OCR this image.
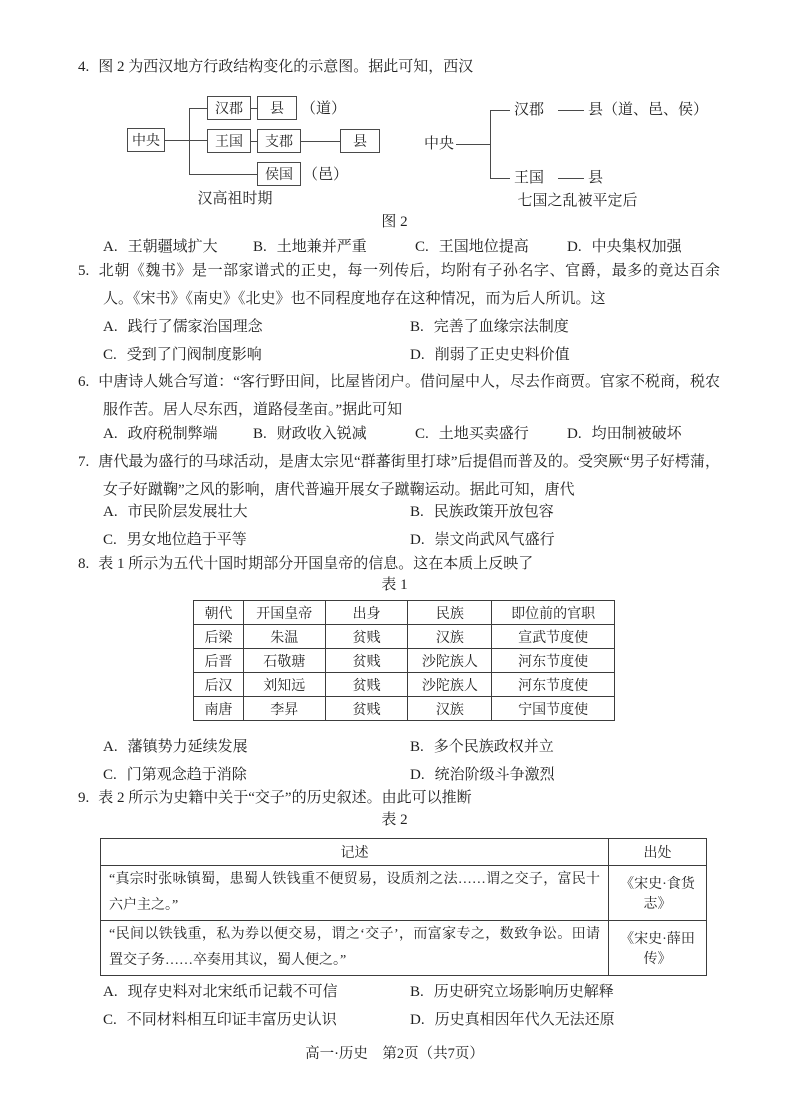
4. 图 2 为西汉地方行政结构变化的示意图。据此可知，西汉
中央
汉郡	县	（道）
王国	支郡	县
侯国 （邑）
汉高祖时期
中央
汉郡	县（道、邑、侯）
王国	县
七国之乱被平定后
图 2
A. 王朝疆域扩大	B. 土地兼并严重	C. 王国地位提高	D. 中央集权加强
5. 北朝《魏书》是一部家谱式的正史，每一列传后，均附有子孙名字、官爵，最多的竟达百余人。《宋书》《南史》《北史》也不同程度地存在这种情况，而为后人所讥。这
A. 践行了儒家治国理念	B. 完善了血缘宗法制度
C. 受到了门阀制度影响	D. 削弱了正史史料价值
6. 中唐诗人姚合写道：“客行野田间，比屋皆闭户。借问屋中人，尽去作商贾。官家不税商，税农服作苦。居人尽东西，道路侵垄亩。”据此可知
A. 政府税制弊端	B. 财政收入锐减	C. 土地买卖盛行	D. 均田制被破坏
7. 唐代最为盛行的马球活动，是唐太宗见“群蕃街里打球”后提倡而普及的。受突厥“男子好樗蒲，女子好蹴鞠”之风的影响，唐代普遍开展女子蹴鞠运动。据此可知，唐代
A. 市民阶层发展壮大	B. 民族政策开放包容
C. 男女地位趋于平等	D. 崇文尚武风气盛行
8. 表 1 所示为五代十国时期部分开国皇帝的信息。这在本质上反映了
表 1
朝代	开国皇帝	出身	民族	即位前的官职
后梁	朱温	贫贱	汉族	宣武节度使
后晋	石敬瑭	贫贱	沙陀族人	河东节度使
后汉	刘知远	贫贱	沙陀族人	河东节度使
南唐	李昇	贫贱	汉族	宁国节度使
A. 藩镇势力延续发展	B. 多个民族政权并立
C. 门第观念趋于消除	D. 统治阶级斗争激烈
9. 表 2 所示为史籍中关于“交子”的历史叙述。由此可以推断
表 2
记述	出处
“真宗时张咏镇蜀，患蜀人铁钱重不便贸易，设质剂之法……谓之交子，富民十六户主之。”	《宋史·食货志》
“民间以铁钱重，私为券以便交易，谓之‘交子’，而富家专之，数致争讼。田请置交子务……卒奏用其议，蜀人便之。”	《宋史·薛田传》
A. 现存史料对北宋纸币记载不可信	B. 历史研究立场影响历史解释
C. 不同材料相互印证丰富历史认识	D. 历史真相因年代久无法还原
高一·历史　第2页（共7页）
